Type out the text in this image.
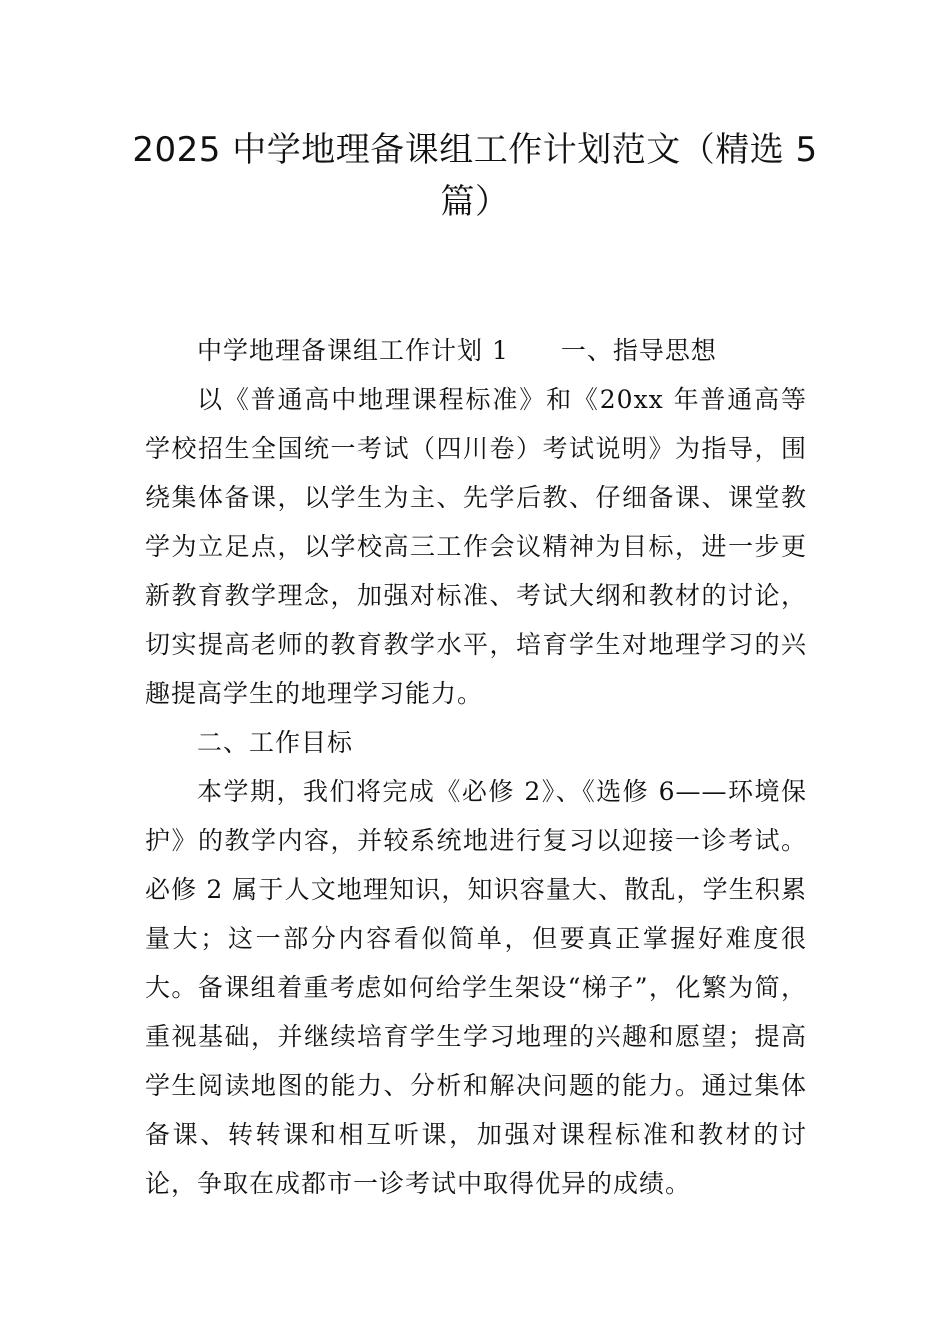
2025 中学地理备课组工作计划范文（精选 5 篇）

中学地理备课组工作计划 1 一、指导思想

以《普通高中地理课程标准》和《20xx 年普通高等学校招生全国统一考试（四川卷）考试说明》为指导，围绕集体备课，以学生为主、先学后教、仔细备课、课堂教学为立足点，以学校高三工作会议精神为目标，进一步更新教育教学理念，加强对标准、考试大纲和教材的讨论，切实提高老师的教育教学水平，培育学生对地理学习的兴趣提高学生的地理学习能力。

二、工作目标

本学期，我们将完成《必修 2》、《选修 6——环境保护》的教学内容，并较系统地进行复习以迎接一诊考试。必修 2 属于人文地理知识，知识容量大、散乱，学生积累量大；这一部分内容看似简单，但要真正掌握好难度很大。备课组着重考虑如何给学生架设“梯子”，化繁为简，重视基础，并继续培育学生学习地理的兴趣和愿望；提高学生阅读地图的能力、分析和解决问题的能力。通过集体备课、转转课和相互听课，加强对课程标准和教材的讨论，争取在成都市一诊考试中取得优异的成绩。
